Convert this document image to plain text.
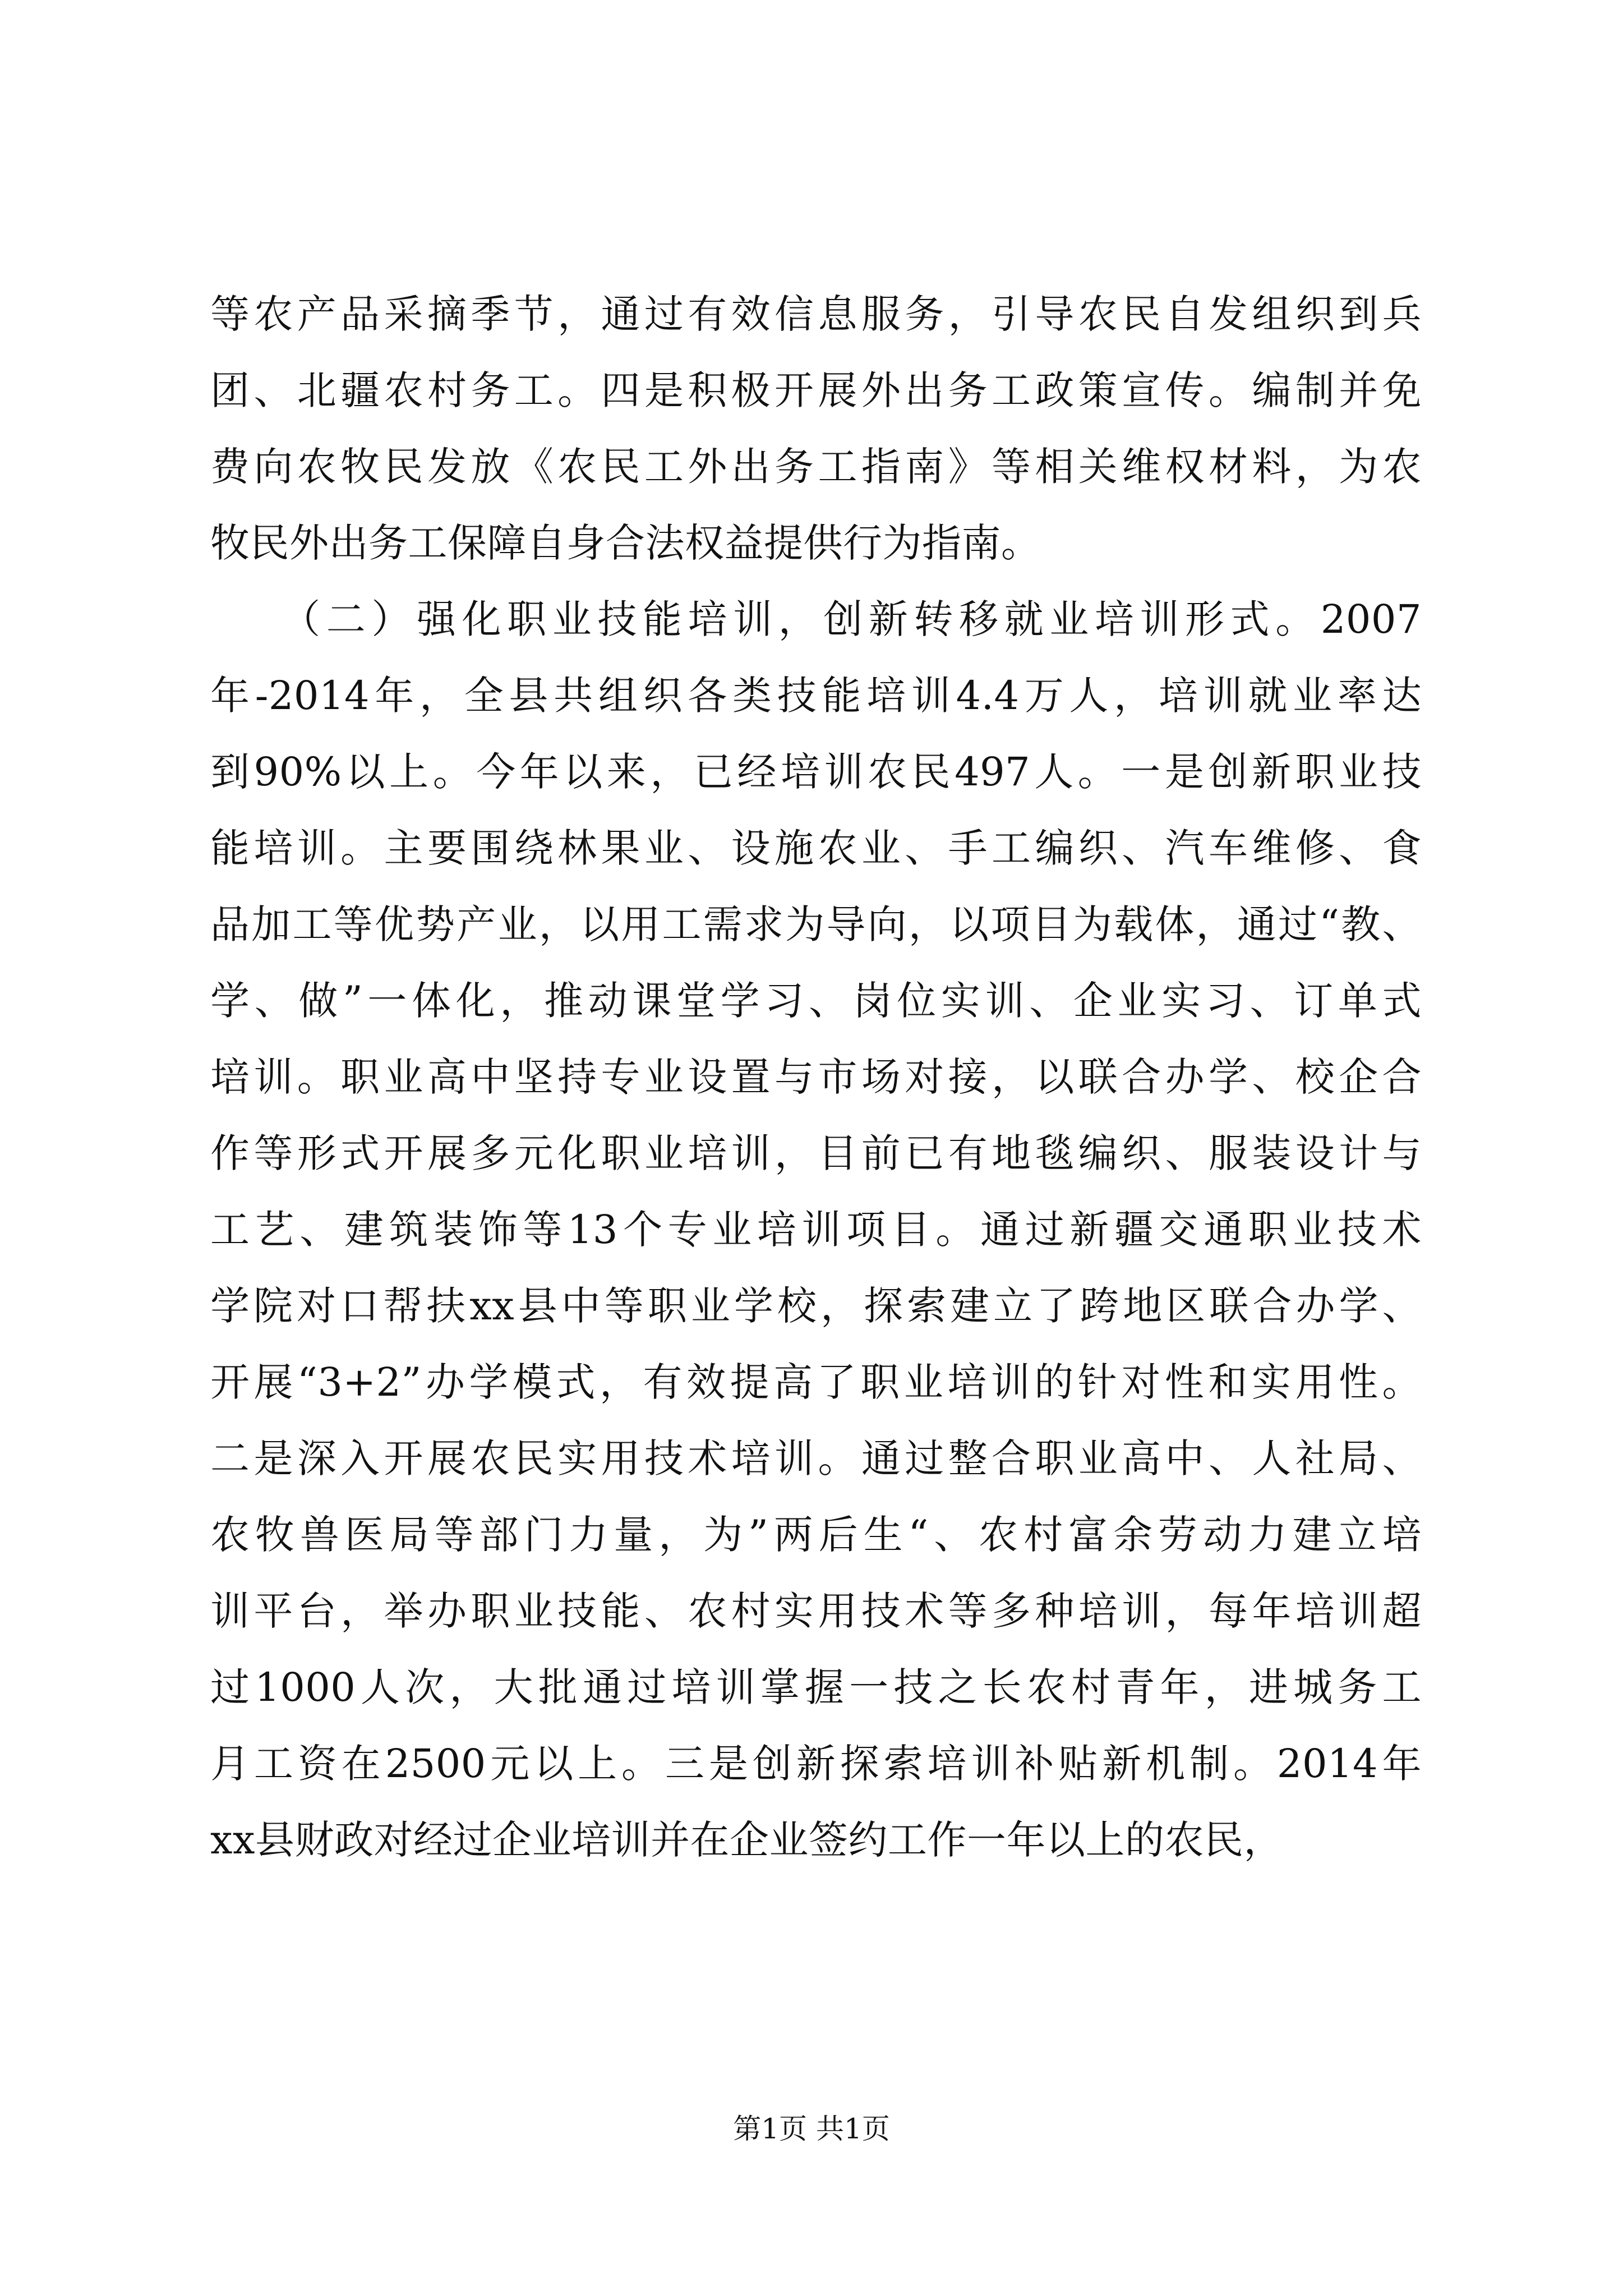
等农产品采摘季节，通过有效信息服务，引导农民自发组织到兵
团、北疆农村务工。四是积极开展外出务工政策宣传。编制并免
费向农牧民发放《农民工外出务工指南》等相关维权材料，为农
牧民外出务工保障自身合法权益提供行为指南。
　　（二）强化职业技能培训，创新转移就业培训形式。2007
年-2014年，全县共组织各类技能培训4.4万人，培训就业率达
到90%以上。今年以来，已经培训农民497人。一是创新职业技
能培训。主要围绕林果业、设施农业、手工编织、汽车维修、食
品加工等优势产业，以用工需求为导向，以项目为载体，通过“教、
学、做”一体化，推动课堂学习、岗位实训、企业实习、订单式
培训。职业高中坚持专业设置与市场对接，以联合办学、校企合
作等形式开展多元化职业培训，目前已有地毯编织、服装设计与
工艺、建筑装饰等13个专业培训项目。通过新疆交通职业技术
学院对口帮扶xx县中等职业学校，探索建立了跨地区联合办学、
开展“3+2”办学模式，有效提高了职业培训的针对性和实用性。
二是深入开展农民实用技术培训。通过整合职业高中、人社局、
农牧兽医局等部门力量，为”两后生“、农村富余劳动力建立培
训平台，举办职业技能、农村实用技术等多种培训，每年培训超
过1000人次，大批通过培训掌握一技之长农村青年，进城务工
月工资在2500元以上。三是创新探索培训补贴新机制。2014年
xx县财政对经过企业培训并在企业签约工作一年以上的农民，
第1页 共1页
